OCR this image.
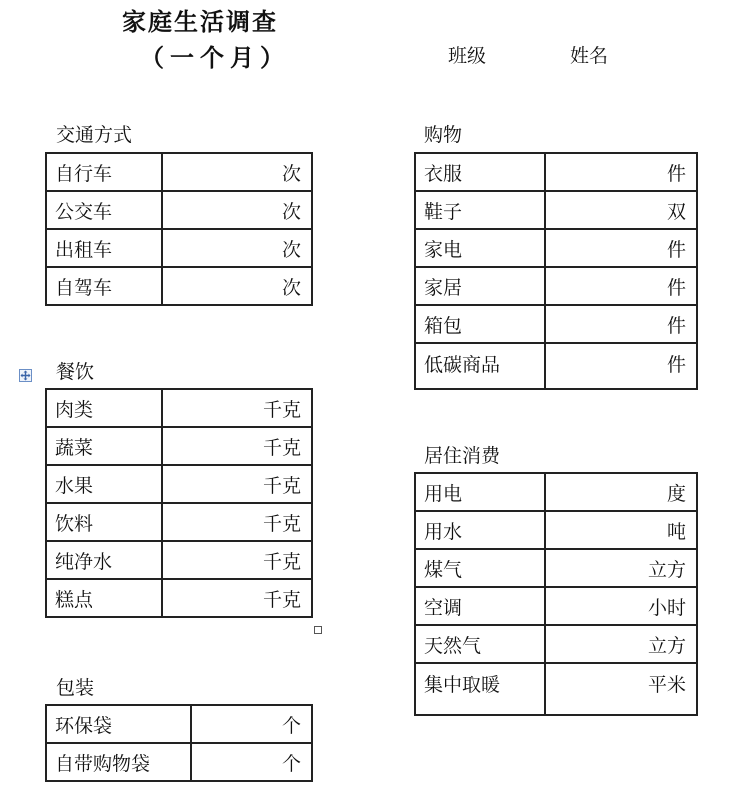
家庭生活调查
（一个月）	班级	姓名
交通方式
自行车	次
公交车	次
出租车	次
自驾车	次
餐饮
肉类	千克
蔬菜	千克
水果	千克
饮料	千克
纯净水	千克
糕点	千克
包装
环保袋	个
自带购物袋	个
购物
衣服	件
鞋子	双
家电	件
家居	件
箱包	件
低碳商品	件
居住消费
用电	度
用水	吨
煤气	立方
空调	小时
天然气	立方
集中取暖	平米
